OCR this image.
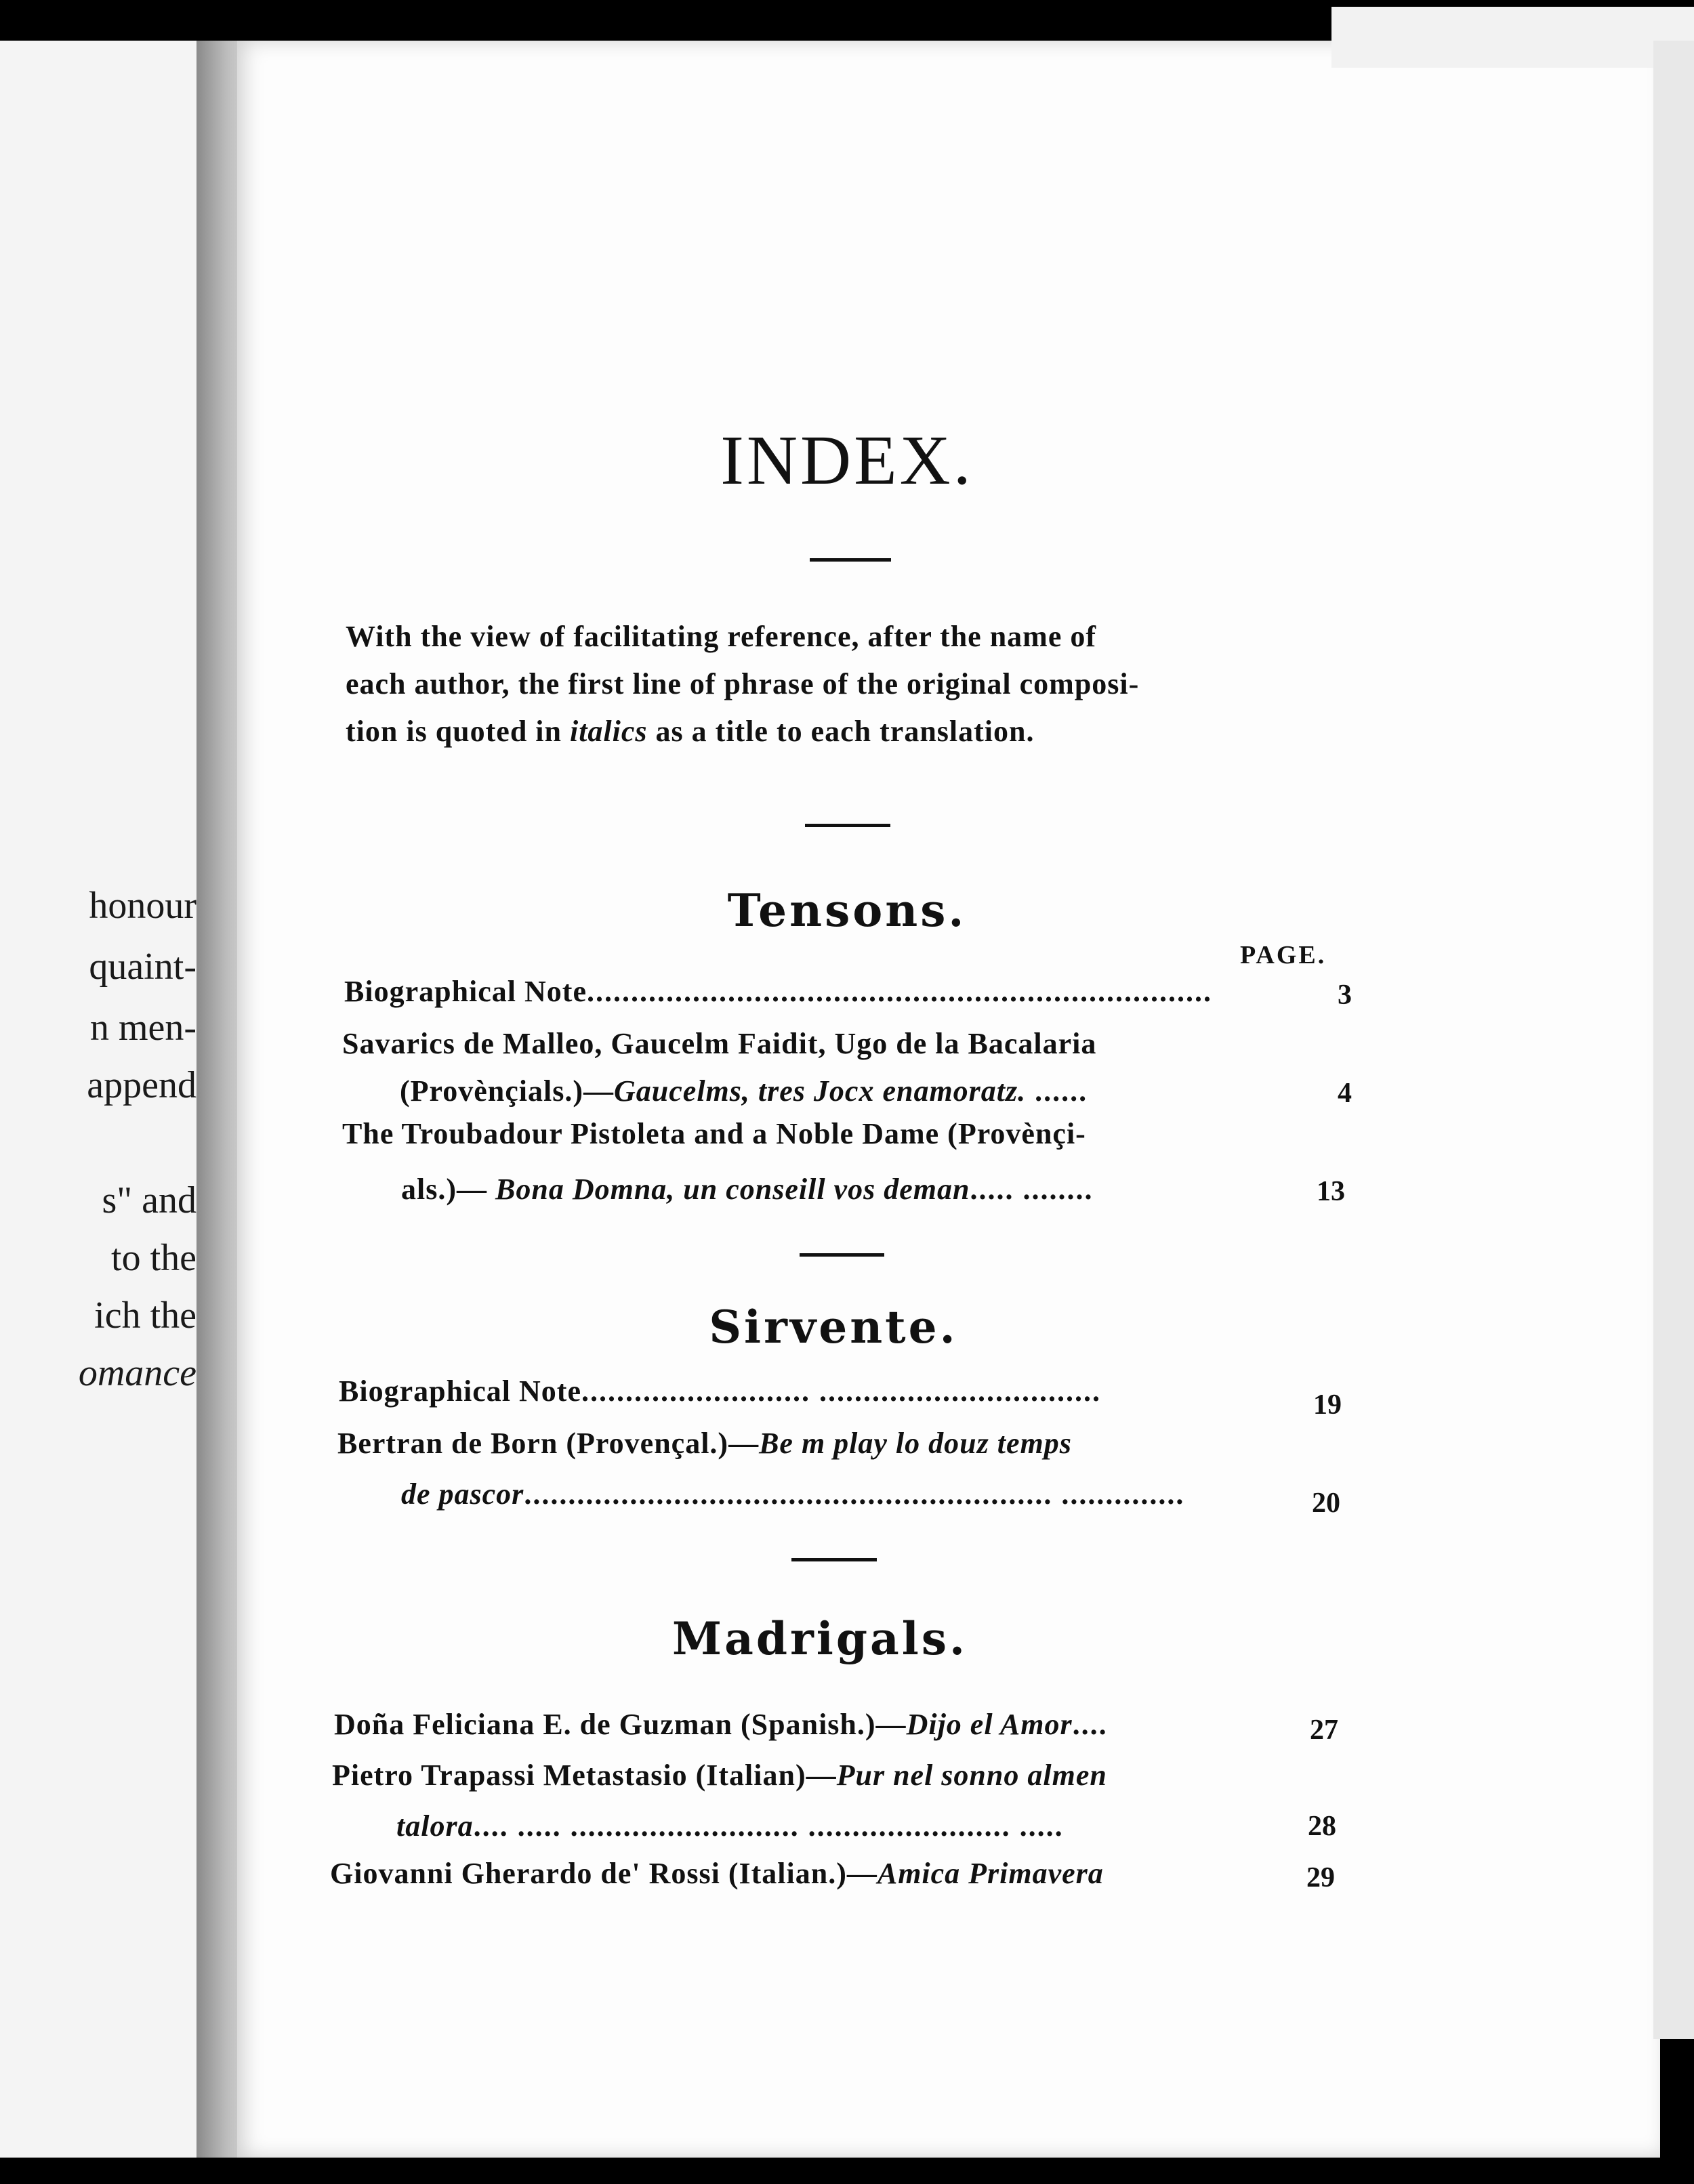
honour
quaint-
n men-
append
s" and
to the
ich the
omance
INDEX.
With the view of facilitating reference, after the name of
each author, the first line of phrase of the original composi-
tion is quoted in italics as a title to each translation.
Tensons.
PAGE.
Biographical Note.......................................................................	3
Savarics de Malleo, Gaucelm Faidit, Ugo de la Bacalaria
(Provènçials.)—Gaucelms, tres Jocx enamoratz. ......	4
The Troubadour Pistoleta and a Noble Dame (Provènçi-
als.)— Bona Domna, un conseill vos deman..... ........	13
Sirvente.
Biographical Note.......................... ................................	19
Bertran de Born (Provençal.)—Be m play lo douz temps
de pascor............................................................ ..............	20
Madrigals.
Doña Feliciana E. de Guzman (Spanish.)—Dijo el Amor....	27
Pietro Trapassi Metastasio (Italian)—Pur nel sonno almen
talora.... ..... .......................... ....................... .....	28
Giovanni Gherardo de' Rossi (Italian.)—Amica Primavera	29
